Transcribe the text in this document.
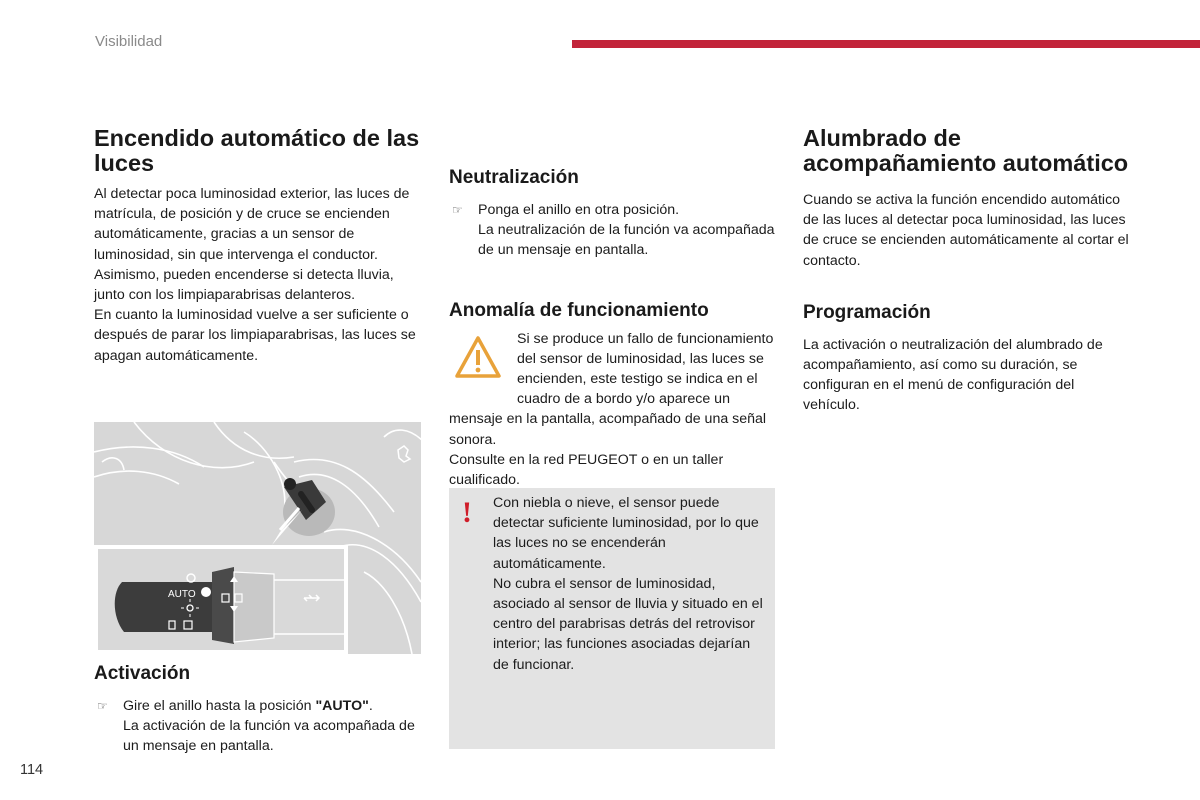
Visibilidad
Encendido automático de las luces

Al detectar poca luminosidad exterior, las luces de matrícula, de posición y de cruce se encienden automáticamente, gracias a un sensor de luminosidad, sin que intervenga el conductor. Asimismo, pueden encenderse si detecta lluvia, junto con los limpiaparabrisas delanteros.

En cuanto la luminosidad vuelve a ser suficiente o después de parar los limpiaparabrisas, las luces se apagan automáticamente.

AUTO
Activación
☞ Gire el anillo hasta la posición "AUTO".
La activación de la función va acompañada de un mensaje en pantalla.
Neutralización
☞ Ponga el anillo en otra posición.
La neutralización de la función va acompañada de un mensaje en pantalla.
Anomalía de funcionamiento

Si se produce un fallo de funcionamiento del sensor de luminosidad, las luces se encienden, este testigo se indica en el cuadro de a bordo y/o aparece un mensaje en la pantalla, acompañado de una señal sonora.

Consulte en la red PEUGEOT o en un taller cualificado.

! Con niebla o nieve, el sensor puede detectar suficiente luminosidad, por lo que las luces no se encenderán automáticamente.

No cubra el sensor de luminosidad, asociado al sensor de lluvia y situado en el centro del parabrisas detrás del retrovisor interior; las funciones asociadas dejarían de funcionar.

Alumbrado de acompañamiento automático

Cuando se activa la función encendido automático de las luces al detectar poca luminosidad, las luces de cruce se encienden automáticamente al cortar el contacto.

Programación

La activación o neutralización del alumbrado de acompañamiento, así como su duración, se configuran en el menú de configuración del vehículo.

114
